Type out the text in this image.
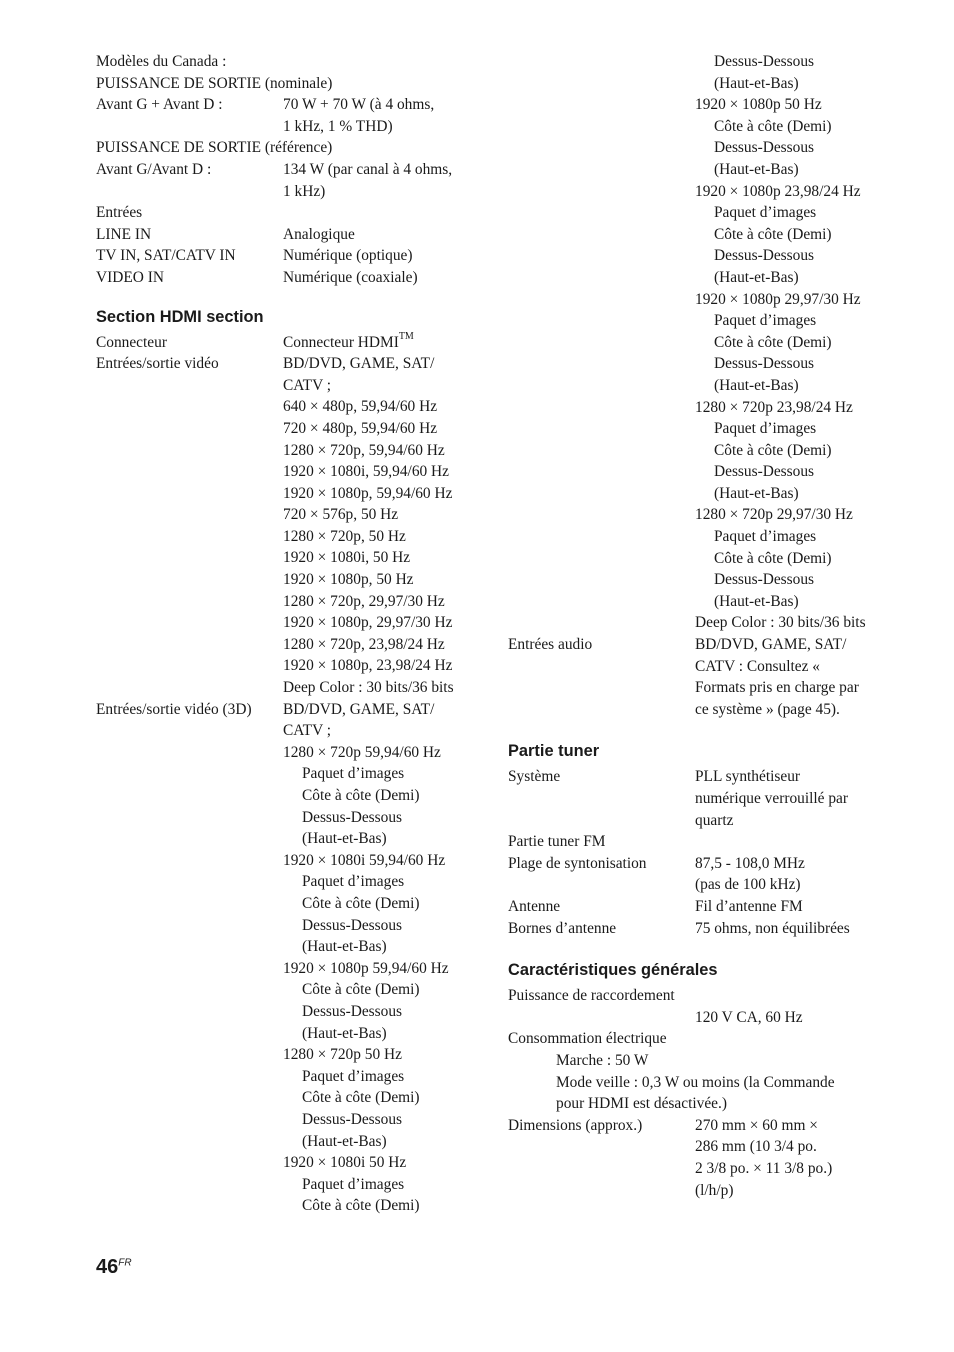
Modèles du Canada :
PUISSANCE DE SORTIE (nominale)
Avant G + Avant D :	70 W + 70 W (à 4 ohms,
1 kHz, 1 % THD)
PUISSANCE DE SORTIE (référence)
Avant G/Avant D :	134 W (par canal à 4 ohms,
1 kHz)
Entrées
LINE IN	Analogique
TV IN, SAT/CATV IN	Numérique (optique)
VIDEO IN	Numérique (coaxiale)
Section HDMI section
Connecteur	Connecteur HDMI™
Entrées/sortie vidéo	BD/DVD, GAME, SAT/
CATV ;
640 × 480p, 59,94/60 Hz
720 × 480p, 59,94/60 Hz
1280 × 720p, 59,94/60 Hz
1920 × 1080i, 59,94/60 Hz
1920 × 1080p, 59,94/60 Hz
720 × 576p, 50 Hz
1280 × 720p, 50 Hz
1920 × 1080i, 50 Hz
1920 × 1080p, 50 Hz
1280 × 720p, 29,97/30 Hz
1920 × 1080p, 29,97/30 Hz
1280 × 720p, 23,98/24 Hz
1920 × 1080p, 23,98/24 Hz
Deep Color : 30 bits/36 bits
Entrées/sortie vidéo (3D)	BD/DVD, GAME, SAT/
CATV ;
1280 × 720p 59,94/60 Hz
Paquet d’images
Côte à côte (Demi)
Dessus-Dessous
(Haut-et-Bas)
1920 × 1080i 59,94/60 Hz
Paquet d’images
Côte à côte (Demi)
Dessus-Dessous
(Haut-et-Bas)
1920 × 1080p 59,94/60 Hz
Côte à côte (Demi)
Dessus-Dessous
(Haut-et-Bas)
1280 × 720p 50 Hz
Paquet d’images
Côte à côte (Demi)
Dessus-Dessous
(Haut-et-Bas)
1920 × 1080i 50 Hz
Paquet d’images
Côte à côte (Demi)
Dessus-Dessous
(Haut-et-Bas)
1920 × 1080p 50 Hz
Côte à côte (Demi)
Dessus-Dessous
(Haut-et-Bas)
1920 × 1080p 23,98/24 Hz
Paquet d’images
Côte à côte (Demi)
Dessus-Dessous
(Haut-et-Bas)
1920 × 1080p 29,97/30 Hz
Paquet d’images
Côte à côte (Demi)
Dessus-Dessous
(Haut-et-Bas)
1280 × 720p 23,98/24 Hz
Paquet d’images
Côte à côte (Demi)
Dessus-Dessous
(Haut-et-Bas)
1280 × 720p 29,97/30 Hz
Paquet d’images
Côte à côte (Demi)
Dessus-Dessous
(Haut-et-Bas)
Deep Color : 30 bits/36 bits
Entrées audio	BD/DVD, GAME, SAT/
CATV : Consultez «
Formats pris en charge par
ce système » (page 45).
Partie tuner
Système	PLL synthétiseur
numérique verrouillé par
quartz
Partie tuner FM
Plage de syntonisation	87,5 - 108,0 MHz
(pas de 100 kHz)
Antenne	Fil d’antenne FM
Bornes d’antenne	75 ohms, non équilibrées
Caractéristiques générales
Puissance de raccordement
120 V CA, 60 Hz
Consommation électrique
Marche : 50 W
Mode veille : 0,3 W ou moins (la Commande
pour HDMI est désactivée.)
Dimensions (approx.)	270 mm × 60 mm ×
286 mm (10 3/4 po.
2 3/8 po. × 11 3/8 po.)
(l/h/p)
$46^{FR}$
